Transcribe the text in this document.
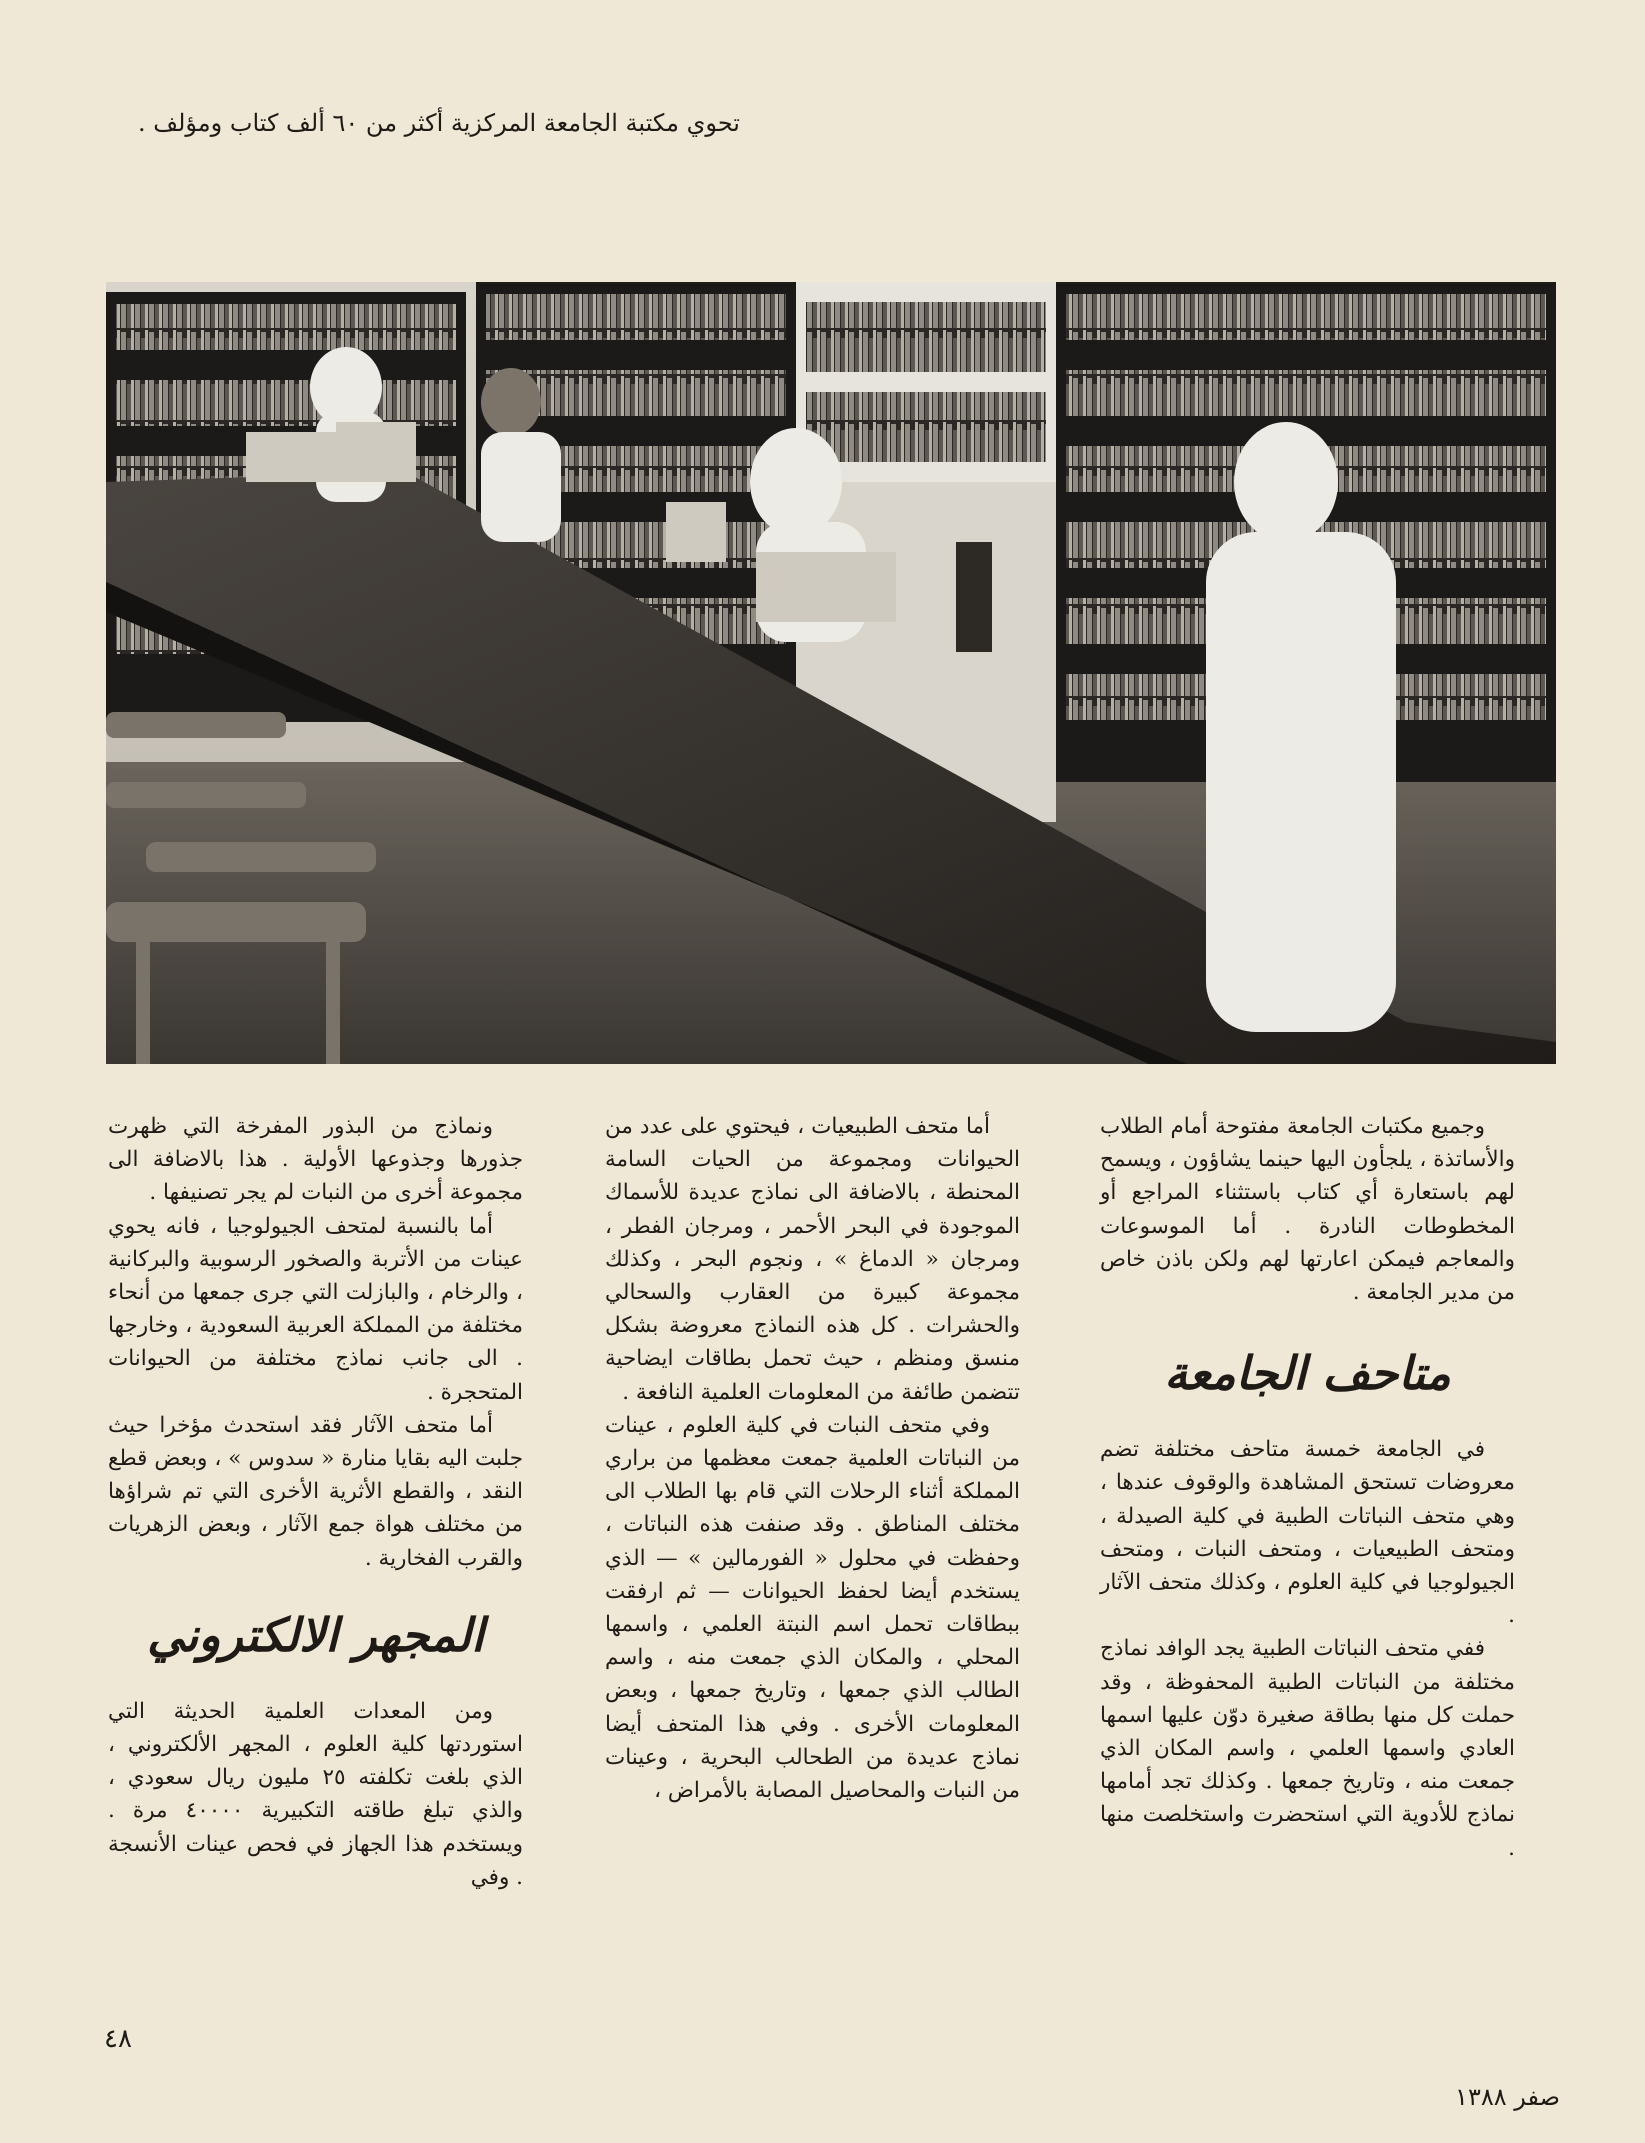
تحوي مكتبة الجامعة المركزية أكثر من ٦٠ ألف كتاب ومؤلف .

وجميع مكتبات الجامعة مفتوحة أمام الطلاب والأساتذة ، يلجأون اليها حينما يشاؤون ، ويسمح لهم باستعارة أي كتاب باستثناء المراجع أو المخطوطات النادرة . أما الموسوعات والمعاجم فيمكن اعارتها لهم ولكن باذن خاص من مدير الجامعة .

متاحف الجامعة

في الجامعة خمسة متاحف مختلفة تضم معروضات تستحق المشاهدة والوقوف عندها ، وهي متحف النباتات الطبية في كلية الصيدلة ، ومتحف الطبيعيات ، ومتحف النبات ، ومتحف الجيولوجيا في كلية العلوم ، وكذلك متحف الآثار .

ففي متحف النباتات الطبية يجد الوافد نماذج مختلفة من النباتات الطبية المحفوظة ، وقد حملت كل منها بطاقة صغيرة دوّن عليها اسمها العادي واسمها العلمي ، واسم المكان الذي جمعت منه ، وتاريخ جمعها . وكذلك تجد أمامها نماذج للأدوية التي استحضرت واستخلصت منها .

أما متحف الطبيعيات ، فيحتوي على عدد من الحيوانات ومجموعة من الحيات السامة المحنطة ، بالاضافة الى نماذج عديدة للأسماك الموجودة في البحر الأحمر ، ومرجان الفطر ، ومرجان « الدماغ » ، ونجوم البحر ، وكذلك مجموعة كبيرة من العقارب والسحالي والحشرات . كل هذه النماذج معروضة بشكل منسق ومنظم ، حيث تحمل بطاقات ايضاحية تتضمن طائفة من المعلومات العلمية النافعة .

وفي متحف النبات في كلية العلوم ، عينات من النباتات العلمية جمعت معظمها من براري المملكة أثناء الرحلات التي قام بها الطلاب الى مختلف المناطق . وقد صنفت هذه النباتات ، وحفظت في محلول « الفورمالين » — الذي يستخدم أيضا لحفظ الحيوانات — ثم ارفقت ببطاقات تحمل اسم النبتة العلمي ، واسمها المحلي ، والمكان الذي جمعت منه ، واسم الطالب الذي جمعها ، وتاريخ جمعها ، وبعض المعلومات الأخرى . وفي هذا المتحف أيضا نماذج عديدة من الطحالب البحرية ، وعينات من النبات والمحاصيل المصابة بالأمراض ،

ونماذج من البذور المفرخة التي ظهرت جذورها وجذوعها الأولية . هذا بالاضافة الى مجموعة أخرى من النبات لم يجر تصنيفها .

أما بالنسبة لمتحف الجيولوجيا ، فانه يحوي عينات من الأتربة والصخور الرسوبية والبركانية ، والرخام ، والبازلت التي جرى جمعها من أنحاء مختلفة من المملكة العربية السعودية ، وخارجها . الى جانب نماذج مختلفة من الحيوانات المتحجرة .

أما متحف الآثار فقد استحدث مؤخرا حيث جلبت اليه بقايا منارة « سدوس » ، وبعض قطع النقد ، والقطع الأثرية الأخرى التي تم شراؤها من مختلف هواة جمع الآثار ، وبعض الزهريات والقرب الفخارية .

المجهر الالكتروني

ومن المعدات العلمية الحديثة التي استوردتها كلية العلوم ، المجهر الألكتروني ، الذي بلغت تكلفته ٢٥ مليون ريال سعودي ، والذي تبلغ طاقته التكبيرية ٤٠٠٠٠ مرة . ويستخدم هذا الجهاز في فحص عينات الأنسجة . وفي

٤٨
صفر ١٣٨٨
